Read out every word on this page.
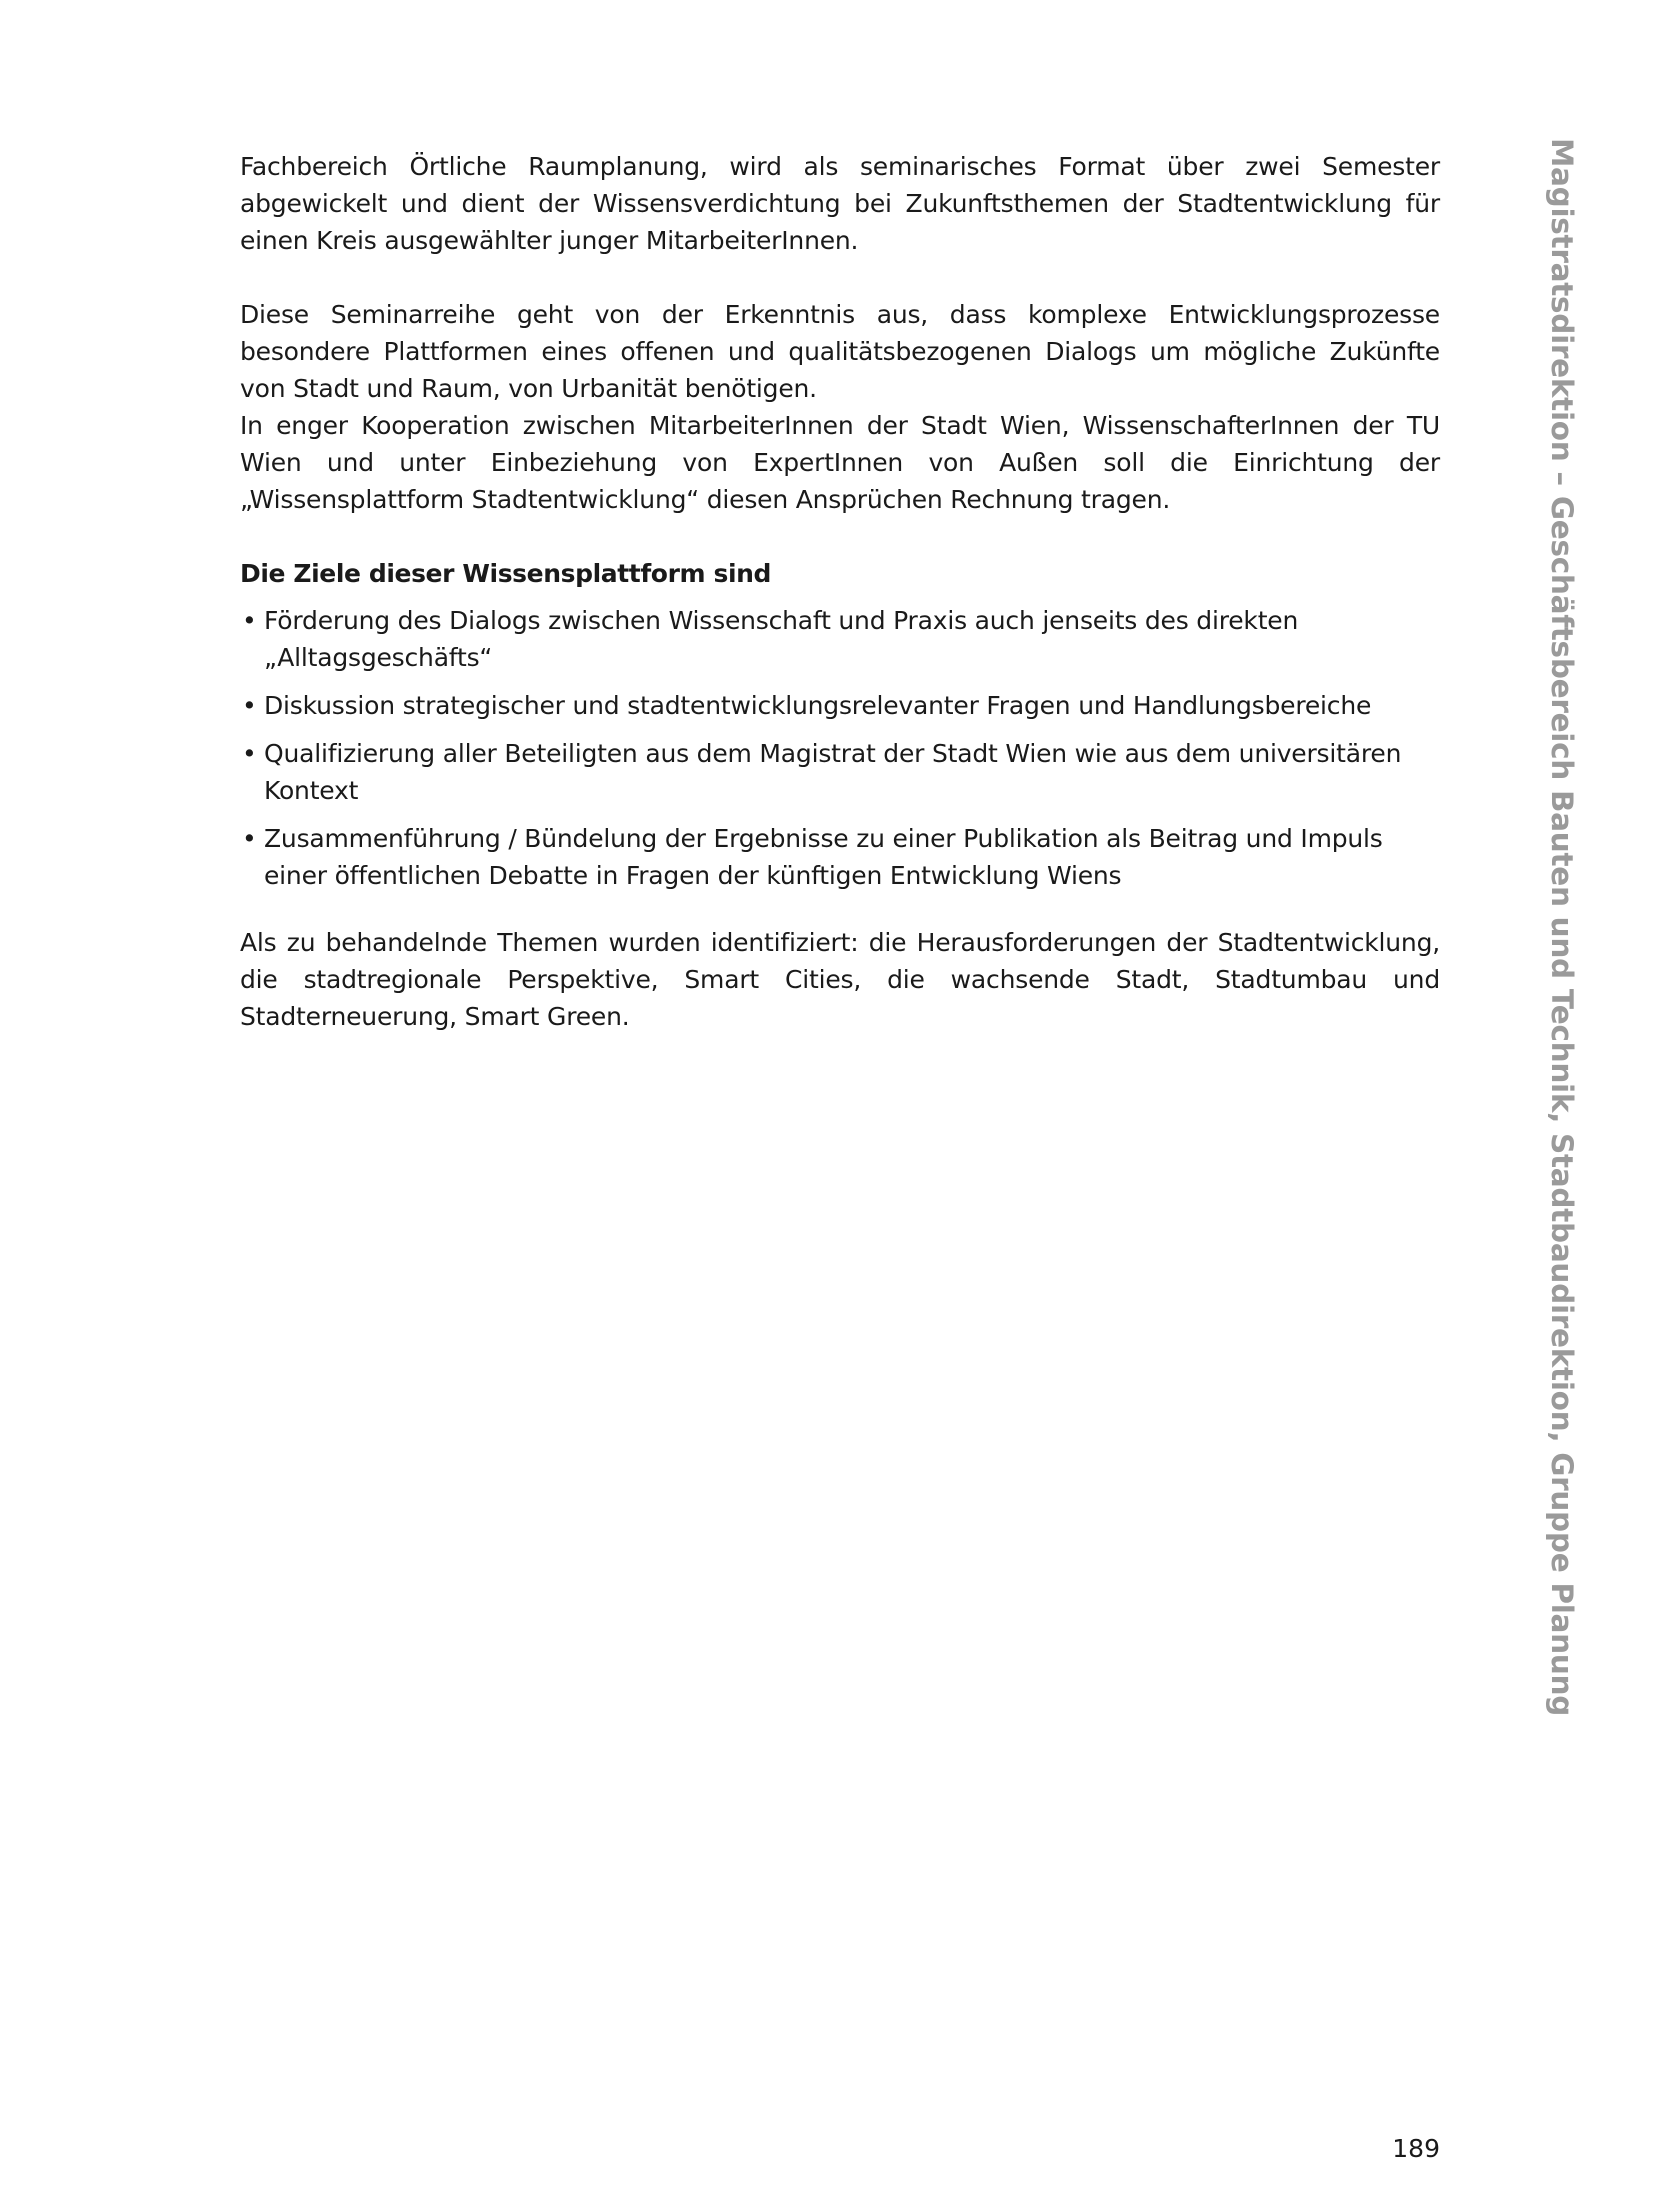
Fachbereich Örtliche Raumplanung, wird als seminarisches Format über zwei Semester abgewickelt und dient der Wissensverdichtung bei Zukunftsthemen der Stadtentwicklung für einen Kreis ausgewählter junger MitarbeiterInnen.

Diese Seminarreihe geht von der Erkenntnis aus, dass komplexe Entwicklungsprozesse besondere Plattformen eines offenen und qualitätsbezogenen Dialogs um mögliche Zukünfte von Stadt und Raum, von Urbanität benötigen.

In enger Kooperation zwischen MitarbeiterInnen der Stadt Wien, WissenschafterInnen der TU Wien und unter Einbeziehung von ExpertInnen von Außen soll die Einrichtung der „Wissensplattform Stadtentwicklung“ diesen Ansprüchen Rechnung tragen.

Die Ziele dieser Wissensplattform sind

• Förderung des Dialogs zwischen Wissenschaft und Praxis auch jenseits des direkten „Alltagsgeschäfts“
• Diskussion strategischer und stadtentwicklungsrelevanter Fragen und Handlungsbereiche
• Qualifizierung aller Beteiligten aus dem Magistrat der Stadt Wien wie aus dem universitären Kontext
• Zusammenführung / Bündelung der Ergebnisse zu einer Publikation als Beitrag und Impuls einer öffentlichen Debatte in Fragen der künftigen Entwicklung Wiens

Als zu behandelnde Themen wurden identifiziert: die Herausforderungen der Stadtentwicklung, die stadtregionale Perspektive, Smart Cities, die wachsende Stadt, Stadtumbau und Stadterneuerung, Smart Green.	Magistratsdirektion – Geschäftsbereich Bauten und Technik, Stadtbaudirektion, Gruppe Planung
189
